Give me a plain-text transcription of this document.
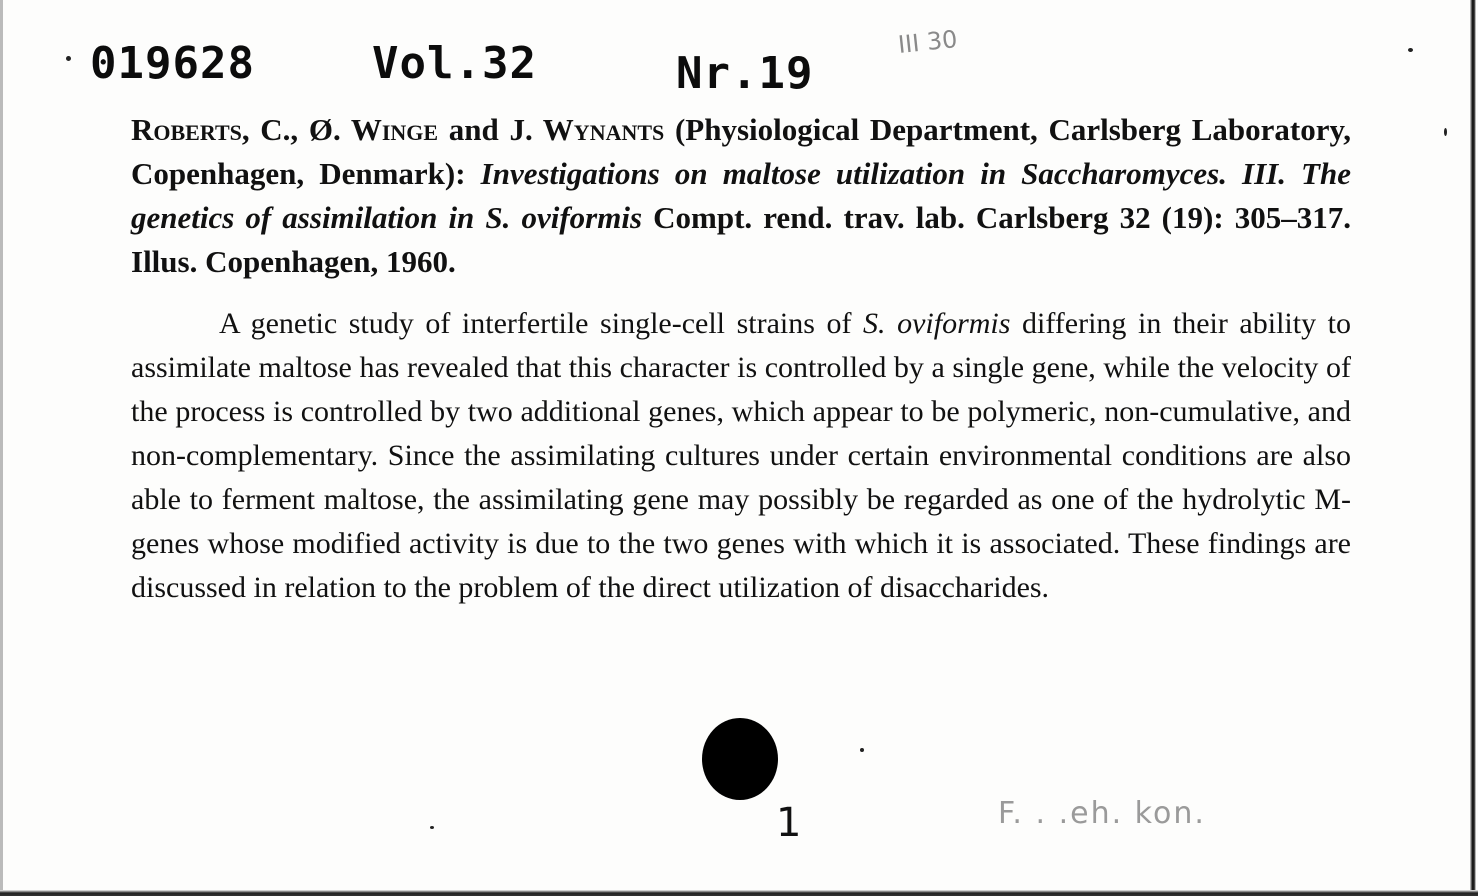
019628	Vol.32	Nr.19
III 30
Roberts, C., Ø. Winge and J. Wynants (Physiological Department, Carlsberg Laboratory, Copenhagen, Denmark): Investigations on maltose utilization in Saccharomyces. III. The genetics of assimilation in S. oviformis Compt. rend. trav. lab. Carlsberg 32 (19): 305–317. Illus. Copenhagen, 1960.
A genetic study of interfertile single-cell strains of S. oviformis differing in their ability to assimilate maltose has revealed that this character is controlled by a single gene, while the velocity of the process is controlled by two additional genes, which appear to be polymeric, non-cumulative, and non-complementary. Since the assimilating cultures under certain environmental conditions are also able to ferment maltose, the assimilating gene may possibly be regarded as one of the hydrolytic M-genes whose modified activity is due to the two genes with which it is associated. These findings are discussed in relation to the problem of the direct utilization of disaccharides.
1	F. . .eh. kon.
